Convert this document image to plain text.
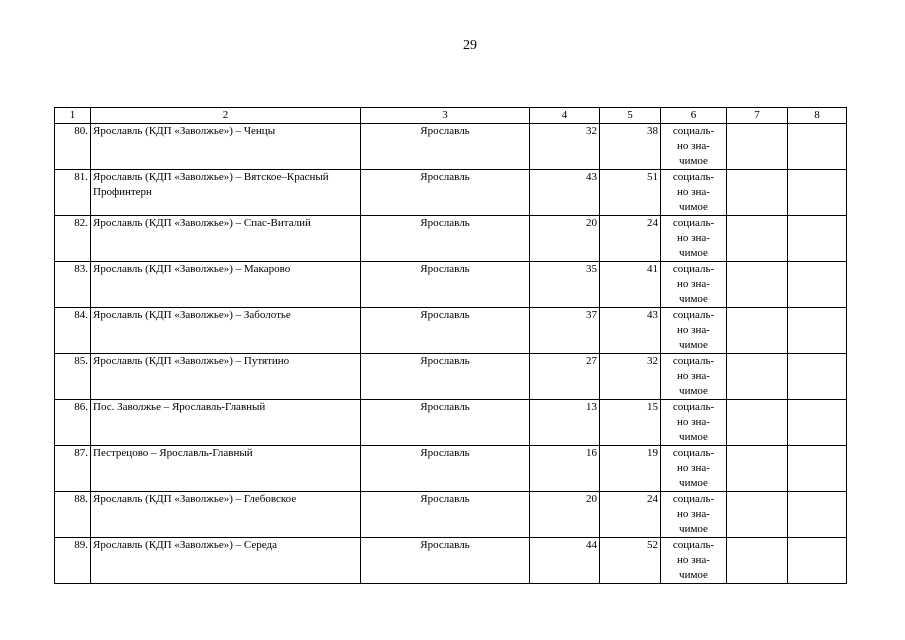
29
1	2	3	4	5	6	7	8
80.	Ярославль (КДП «Заволжье») – Ченцы	Ярославль	32	38	социаль-
но зна-
чимое		

81.	Ярославль (КДП «Заволжье») – Вятское–Красный Профинтерн	Ярославль	43	51	социаль-
но зна-
чимое		

82.	Ярославль (КДП «Заволжье») – Спас-Виталий	Ярославль	20	24	социаль-
но зна-
чимое		

83.	Ярославль (КДП «Заволжье») – Макарово	Ярославль	35	41	социаль-
но зна-
чимое		

84.	Ярославль (КДП «Заволжье») – Заболотье	Ярославль	37	43	социаль-
но зна-
чимое		

85.	Ярославль (КДП «Заволжье») – Путятино	Ярославль	27	32	социаль-
но зна-
чимое		

86.	Пос. Заволжье – Ярославль-Главный	Ярославль	13	15	социаль-
но зна-
чимое		

87.	Пестрецово – Ярославль-Главный	Ярославль	16	19	социаль-
но зна-
чимое		

88.	Ярославль (КДП «Заволжье») – Глебовское	Ярославль	20	24	социаль-
но зна-
чимое		

89.	Ярославль (КДП «Заволжье») – Середа	Ярославль	44	52	социаль-
но зна-
чимое		
